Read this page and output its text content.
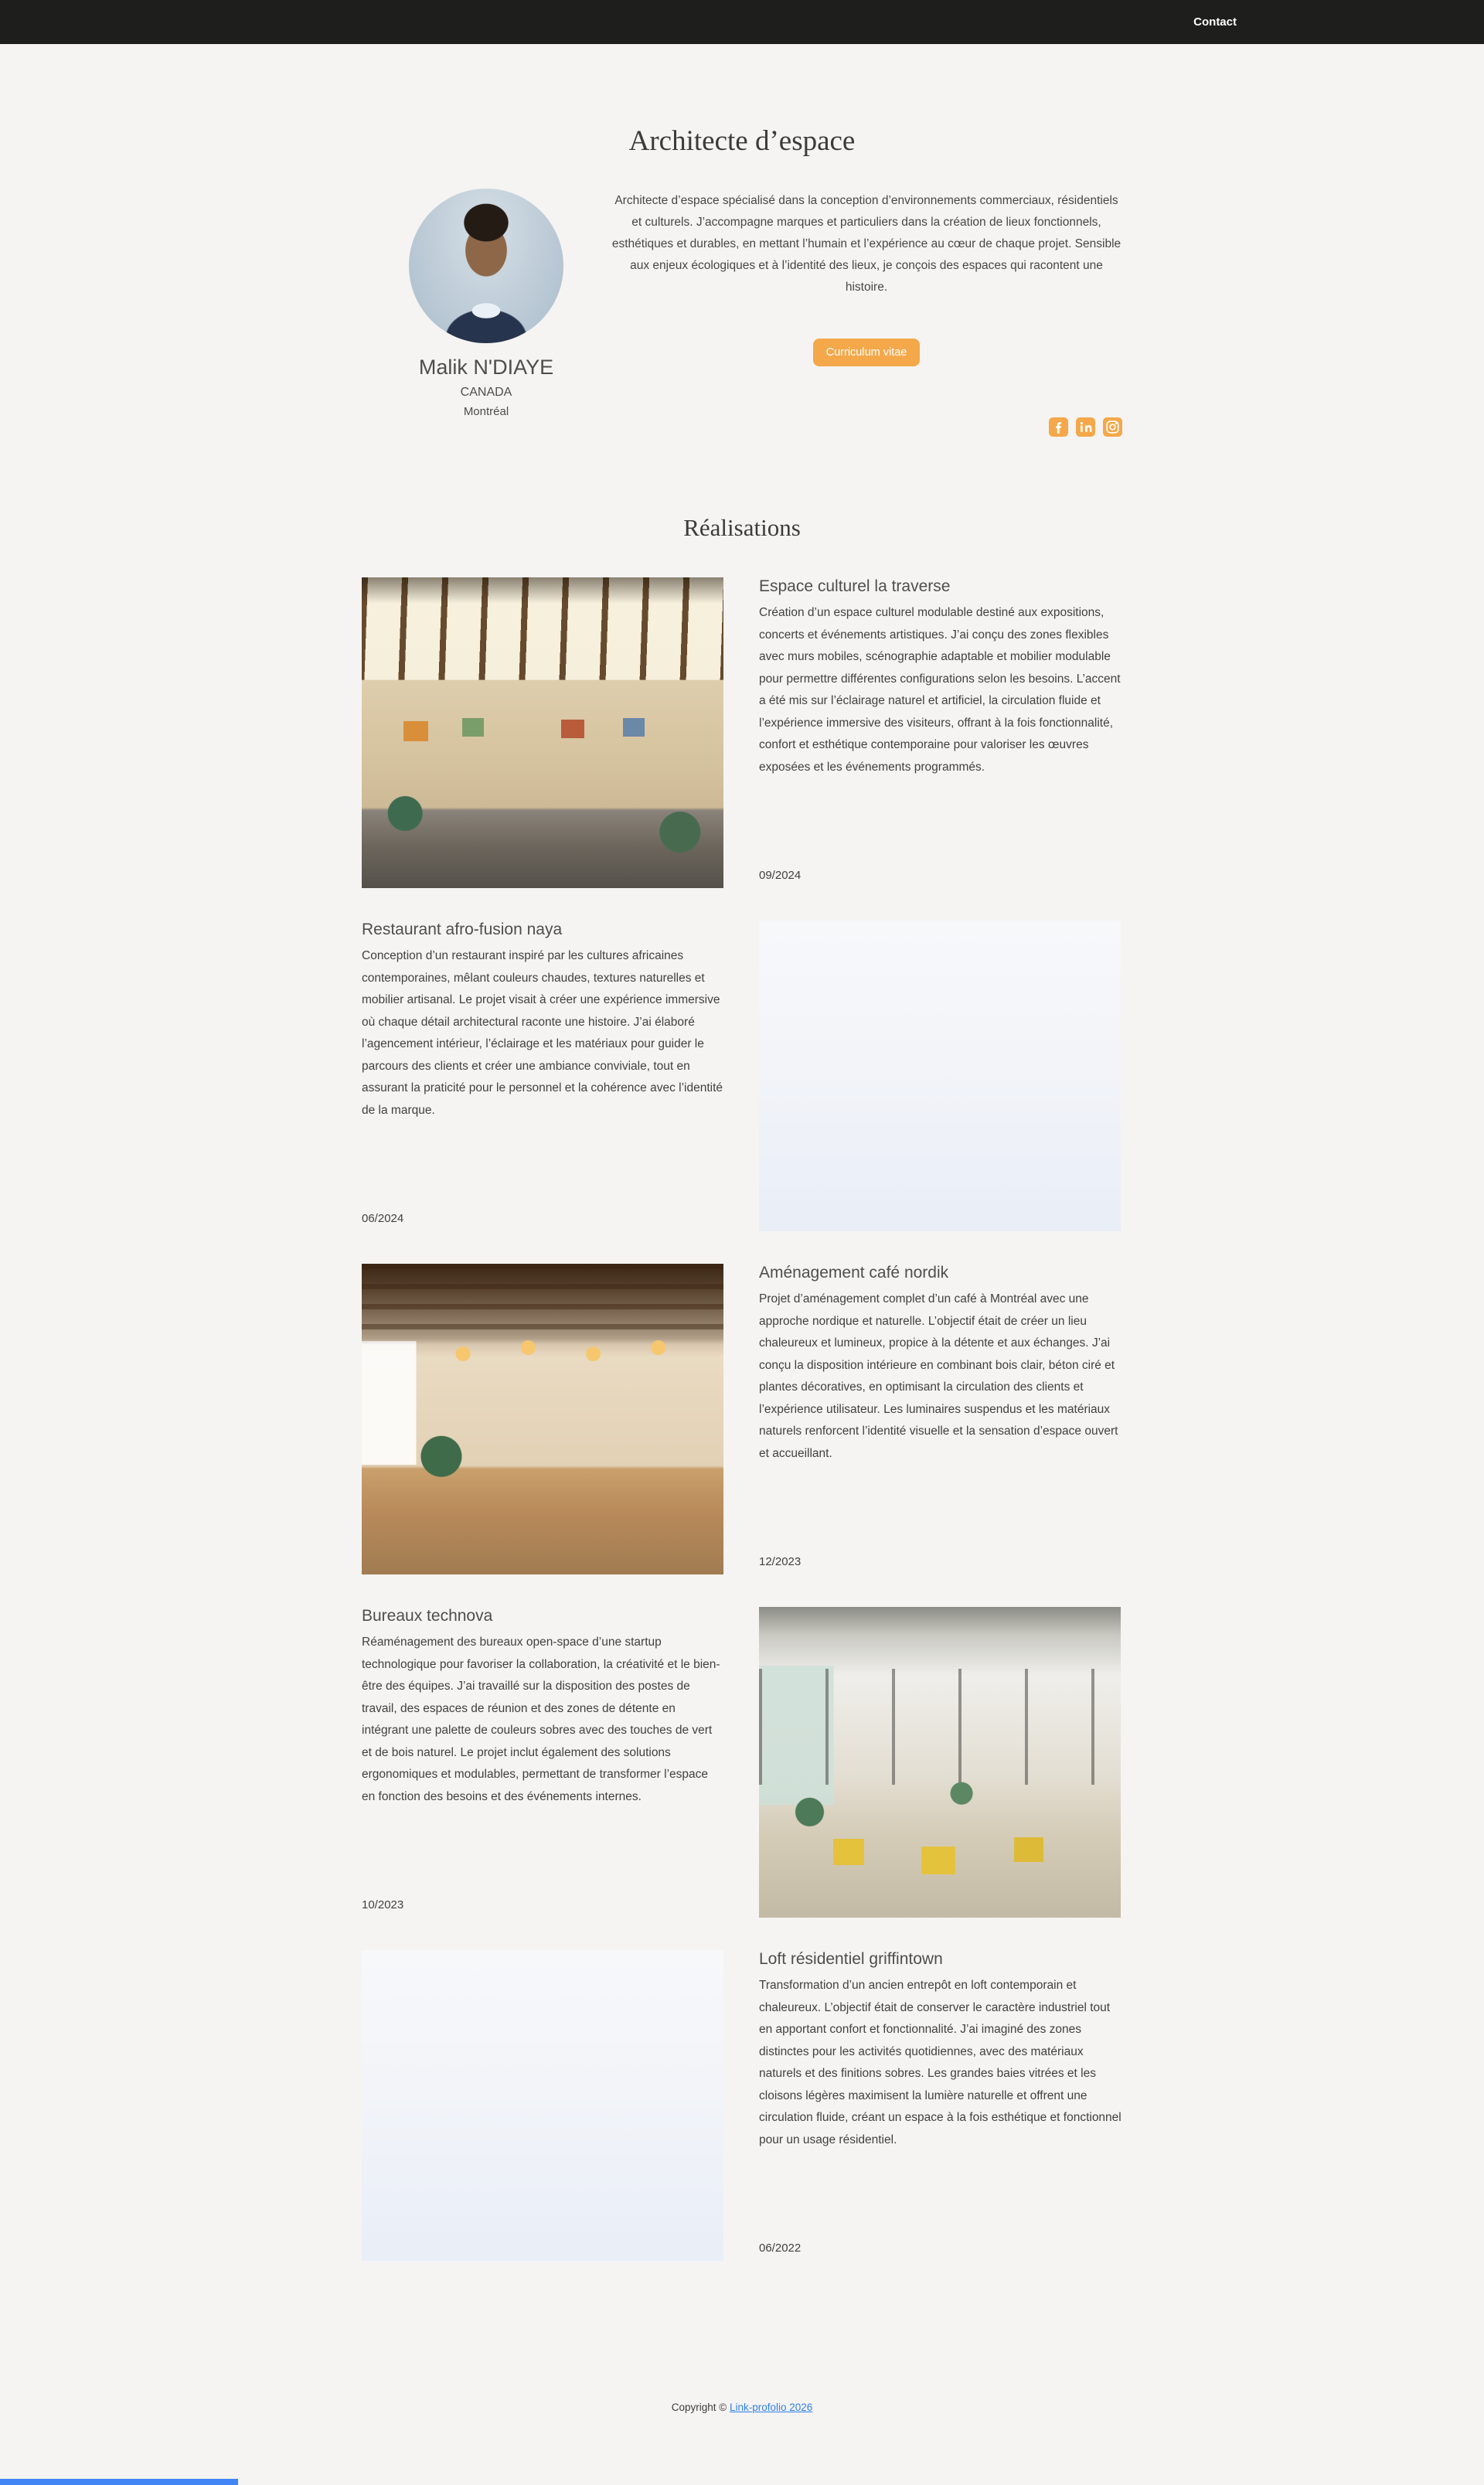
Contact
Architecte d’espace
Malik N'DIAYE
CANADA
Montréal

Architecte d’espace spécialisé dans la conception d’environnements commerciaux, résidentiels et culturels. J’accompagne marques et particuliers dans la création de lieux fonctionnels, esthétiques et durables, en mettant l’humain et l’expérience au cœur de chaque projet. Sensible aux enjeux écologiques et à l’identité des lieux, je conçois des espaces qui racontent une histoire.

Curriculum vitae
Réalisations
Espace culturel la traverse

Création d’un espace culturel modulable destiné aux expositions, concerts et événements artistiques. J’ai conçu des zones flexibles avec murs mobiles, scénographie adaptable et mobilier modulable pour permettre différentes configurations selon les besoins. L’accent a été mis sur l’éclairage naturel et artificiel, la circulation fluide et l’expérience immersive des visiteurs, offrant à la fois fonctionnalité, confort et esthétique contemporaine pour valoriser les œuvres exposées et les événements programmés.

09/2024
Restaurant afro-fusion naya

Conception d’un restaurant inspiré par les cultures africaines contemporaines, mêlant couleurs chaudes, textures naturelles et mobilier artisanal. Le projet visait à créer une expérience immersive où chaque détail architectural raconte une histoire. J’ai élaboré l’agencement intérieur, l’éclairage et les matériaux pour guider le parcours des clients et créer une ambiance conviviale, tout en assurant la praticité pour le personnel et la cohérence avec l’identité de la marque.

06/2024
Aménagement café nordik

Projet d’aménagement complet d’un café à Montréal avec une approche nordique et naturelle. L’objectif était de créer un lieu chaleureux et lumineux, propice à la détente et aux échanges. J’ai conçu la disposition intérieure en combinant bois clair, béton ciré et plantes décoratives, en optimisant la circulation des clients et l’expérience utilisateur. Les luminaires suspendus et les matériaux naturels renforcent l’identité visuelle et la sensation d’espace ouvert et accueillant.

12/2023
Bureaux technova

Réaménagement des bureaux open-space d’une startup technologique pour favoriser la collaboration, la créativité et le bien-être des équipes. J’ai travaillé sur la disposition des postes de travail, des espaces de réunion et des zones de détente en intégrant une palette de couleurs sobres avec des touches de vert et de bois naturel. Le projet inclut également des solutions ergonomiques et modulables, permettant de transformer l’espace en fonction des besoins et des événements internes.

10/2023
Loft résidentiel griffintown

Transformation d’un ancien entrepôt en loft contemporain et chaleureux. L’objectif était de conserver le caractère industriel tout en apportant confort et fonctionnalité. J’ai imaginé des zones distinctes pour les activités quotidiennes, avec des matériaux naturels et des finitions sobres. Les grandes baies vitrées et les cloisons légères maximisent la lumière naturelle et offrent une circulation fluide, créant un espace à la fois esthétique et fonctionnel pour un usage résidentiel.

06/2022
Copyright © Link-profolio 2026
